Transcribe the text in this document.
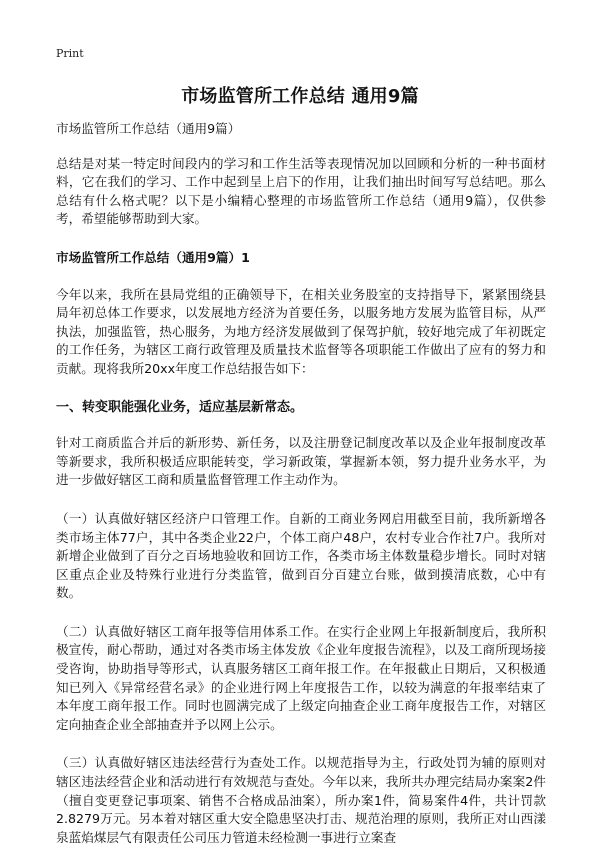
Print
市场监管所工作总结 通用9篇

市场监管所工作总结（通用9篇）

总结是对某一特定时间段内的学习和工作生活等表现情况加以回顾和分析的一种书面材料，它在我们的学习、工作中起到呈上启下的作用，让我们抽出时间写写总结吧。那么总结有什么格式呢？以下是小编精心整理的市场监管所工作总结（通用9篇），仅供参考，希望能够帮助到大家。

市场监管所工作总结（通用9篇）1

今年以来，我所在县局党组的正确领导下，在相关业务股室的支持指导下，紧紧围绕县局年初总体工作要求，以发展地方经济为首要任务，以服务地方发展为监管目标，从严执法，加强监管，热心服务，为地方经济发展做到了保驾护航，较好地完成了年初既定的工作任务，为辖区工商行政管理及质量技术监督等各项职能工作做出了应有的努力和贡献。现将我所20xx年度工作总结报告如下：

一、转变职能强化业务，适应基层新常态。

针对工商质监合并后的新形势、新任务，以及注册登记制度改革以及企业年报制度改革等新要求，我所积极适应职能转变，学习新政策，掌握新本领，努力提升业务水平，为进一步做好辖区工商和质量监督管理工作主动作为。

（一）认真做好辖区经济户口管理工作。自新的工商业务网启用截至目前，我所新增各类市场主体77户，其中各类企业22户，个体工商户48户，农村专业合作社7户。我所对新增企业做到了百分之百场地验收和回访工作，各类市场主体数量稳步增长。同时对辖区重点企业及特殊行业进行分类监管，做到百分百建立台账，做到摸清底数，心中有数。

（二）认真做好辖区工商年报等信用体系工作。在实行企业网上年报新制度后，我所积极宣传，耐心帮助，通过对各类市场主体发放《企业年度报告流程》，以及工商所现场接受咨询，协助指导等形式，认真服务辖区工商年报工作。在年报截止日期后，又积极通知已列入《异常经营名录》的企业进行网上年度报告工作，以较为满意的年报率结束了本年度工商年报工作。同时也圆满完成了上级定向抽查企业工商年度报告工作，对辖区定向抽查企业全部抽查并予以网上公示。

（三）认真做好辖区违法经营行为查处工作。以规范指导为主，行政处罚为辅的原则对辖区违法经营企业和活动进行有效规范与查处。今年以来，我所共办理完结局办案案2件（擅自变更登记事项案、销售不合格成品油案），所办案1件，简易案件4件，共计罚款2.8279万元。另本着对辖区重大安全隐患坚决打击、规范治理的原则，我所正对山西漾泉蓝焰煤层气有限责任公司压力管道未经检测一事进行立案查
